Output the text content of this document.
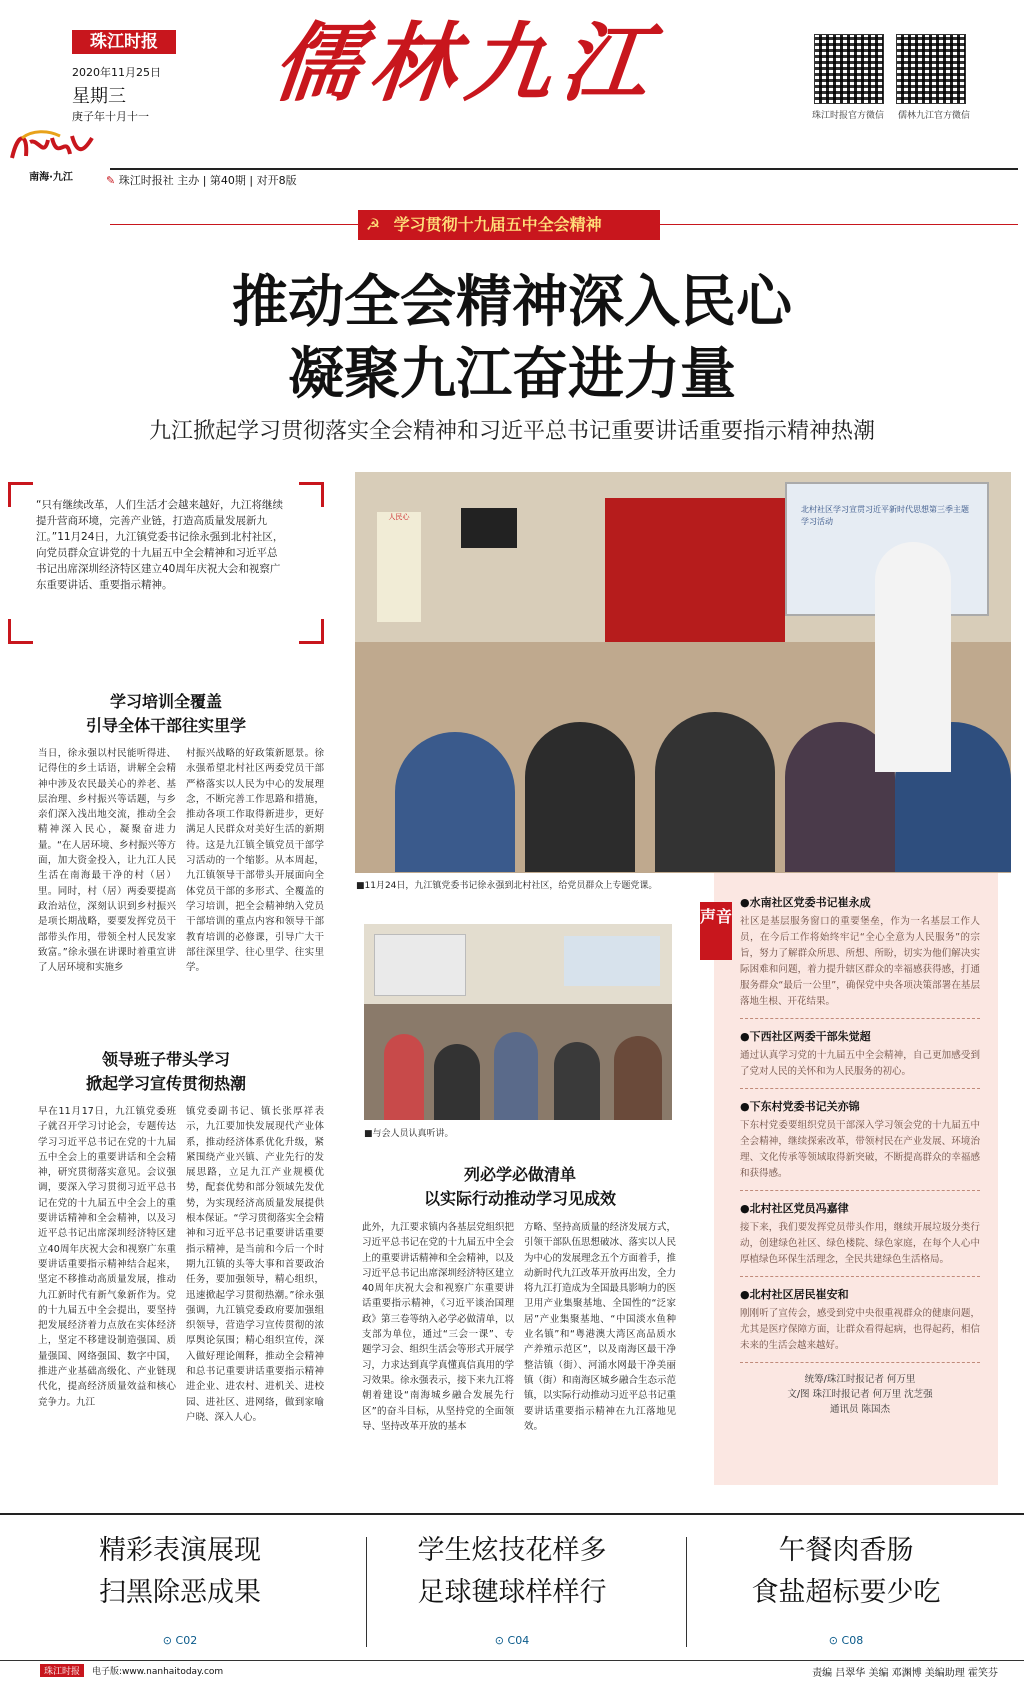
珠江时报
2020年11月25日
星期三
庚子年十月十一
南海·九江
儒林九江
珠江时报官方微信 儒林九江官方微信
✎ 珠江时报社 主办 | 第40期 | 对开8版
☭ 学习贯彻十九届五中全会精神
推动全会精神深入民心
凝聚九江奋进力量
九江掀起学习贯彻落实全会精神和习近平总书记重要讲话重要指示精神热潮
“只有继续改革，人们生活才会越来越好，九江将继续提升营商环境，完善产业链，打造高质量发展新九江。”11月24日，九江镇党委书记徐永强到北村社区，向党员群众宣讲党的十九届五中全会精神和习近平总书记出席深圳经济特区建立40周年庆祝大会和视察广东重要讲话、重要指示精神。
学习培训全覆盖
引导全体干部往实里学
当日，徐永强以村民能听得进、记得住的乡土话语，讲解全会精神中涉及农民最关心的养老、基层治理、乡村振兴等话题，与乡亲们深入浅出地交流，推动全会精神深入民心，凝聚奋进力量。“在人居环境、乡村振兴等方面，加大资金投入，让九江人民生活在南海最干净的村（居）里。同时，村（居）两委要提高政治站位，深刻认识到乡村振兴是项长期战略，要要发挥党员干部带头作用，带领全村人民发家致富。”徐永强在讲课时着重宣讲了人居环境和实施乡
村振兴战略的好政策新愿景。徐永强希望北村社区两委党员干部严格落实以人民为中心的发展理念，不断完善工作思路和措施，推动各项工作取得新进步，更好满足人民群众对美好生活的新期待。这是九江镇全镇党员干部学习活动的一个缩影。从本周起，九江镇领导干部带头开展面向全体党员干部的多形式、全覆盖的学习培训，把全会精神纳入党员干部培训的重点内容和领导干部教育培训的必修课，引导广大干部往深里学、往心里学、往实里学。
领导班子带头学习
掀起学习宣传贯彻热潮
早在11月17日，九江镇党委班子就召开学习讨论会，专题传达学习习近平总书记在党的十九届五中全会上的重要讲话和全会精神，研究贯彻落实意见。会议强调，要深入学习贯彻习近平总书记在党的十九届五中全会上的重要讲话精神和全会精神，以及习近平总书记出席深圳经济特区建立40周年庆祝大会和视察广东重要讲话重要指示精神结合起来，坚定不移推动高质量发展，推动九江新时代有新气象新作为。党的十九届五中全会提出，要坚持把发展经济着力点放在实体经济上，坚定不移建设制造强国、质量强国、网络强国、数字中国，推进产业基础高级化、产业链现代化，提高经济质量效益和核心竞争力。九江
镇党委副书记、镇长张厚祥表示，九江要加快发展现代产业体系，推动经济体系优化升级，紧紧围绕产业兴镇、产业先行的发展思路，立足九江产业规模优势，配套优势和部分领域先发优势，为实现经济高质量发展提供根本保证。“学习贯彻落实全会精神和习近平总书记重要讲话重要指示精神，是当前和今后一个时期九江镇的头等大事和首要政治任务，要加强领导，精心组织，迅速掀起学习贯彻热潮。”徐永强强调，九江镇党委政府要加强组织领导，营造学习宣传贯彻的浓厚舆论氛围；精心组织宣传，深入做好理论阐释，推动全会精神和总书记重要讲话重要指示精神进企业、进农村、进机关、进校园、进社区、进网络，做到家喻户晓、深入人心。
北村社区学习宣贯习近平新时代思想第三季主题学习活动
人民心
■11月24日，九江镇党委书记徐永强到北村社区，给党员群众上专题党课。
■与会人员认真听讲。
列必学必做清单
以实际行动推动学习见成效
此外，九江要求镇内各基层党组织把习近平总书记在党的十九届五中全会上的重要讲话精神和全会精神，以及习近平总书记出席深圳经济特区建立40周年庆祝大会和视察广东重要讲话重要指示精神，《习近平谈治国理政》第三卷等纳入必学必做清单，以支部为单位，通过“三会一课”、专题学习会、组织生活会等形式开展学习，力求达到真学真懂真信真用的学习效果。徐永强表示，接下来九江将朝着建设“南海城乡融合发展先行区”的奋斗目标，从坚持党的全面领导、坚持改革开放的基本
方略、坚持高质量的经济发展方式，引领干部队伍思想破冰、落实以人民为中心的发展理念五个方面着手，推动新时代九江改革开放再出发，全力将九江打造成为全国最具影响力的医卫用产业集聚基地、全国性的“泛家居”产业集聚基地、“中国淡水鱼种业名镇”和“粤港澳大湾区高品质水产养殖示范区”，以及南海区最干净整洁镇（街）、河涌水网最干净美丽镇（街）和南海区城乡融合生态示范镇，以实际行动推动习近平总书记重要讲话重要指示精神在九江落地见效。
声音
●水南社区党委书记崔永成
社区是基层服务窗口的重要堡垒，作为一名基层工作人员，在今后工作将始终牢记“全心全意为人民服务”的宗旨，努力了解群众所思、所想、所盼，切实为他们解决实际困难和问题，着力提升辖区群众的幸福感获得感，打通服务群众“最后一公里”，确保党中央各项决策部署在基层落地生根、开花结果。
●下西社区两委干部朱觉超
通过认真学习党的十九届五中全会精神，自己更加感受到了党对人民的关怀和为人民服务的初心。
●下东村党委书记关亦锦
下东村党委要组织党员干部深入学习领会党的十九届五中全会精神，继续探索改革，带领村民在产业发展、环境治理、文化传承等领域取得新突破，不断提高群众的幸福感和获得感。
●北村社区党员冯嘉律
接下来，我们要发挥党员带头作用，继续开展垃圾分类行动，创建绿色社区、绿色楼院、绿色家庭，在每个人心中厚植绿色环保生活理念，全民共建绿色生活格局。
●北村社区居民崔安和
刚刚听了宣传会，感受到党中央很重视群众的健康问题，尤其是医疗保障方面，让群众看得起病，也得起药，相信未来的生活会越来越好。
统筹/珠江时报记者 何万里
文/图 珠江时报记者 何万里 沈芝强
通讯员 陈国杰
精彩表演展现
扫黑除恶成果
⊙ C02
学生炫技花样多
足球毽球样样行
⊙ C04
午餐肉香肠
食盐超标要少吃
⊙ C08
珠江时报	电子版:www.nanhaitoday.com	责编 吕翠华 美编 邓渊博 美编助理 霍笑芬
